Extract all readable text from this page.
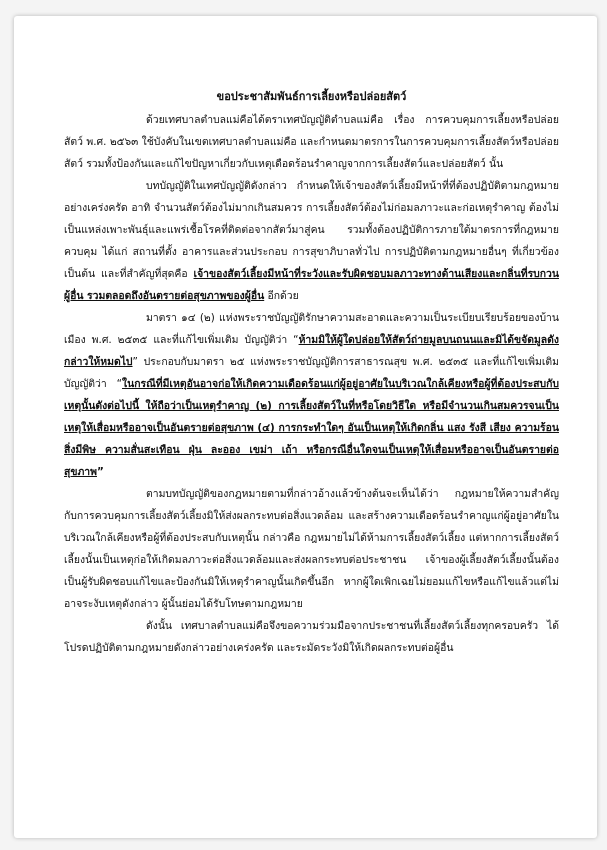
ขอประชาสัมพันธ์การเลี้ยงหรือปล่อยสัตว์

ด้วยเทศบาลตำบลแม่คือได้ตราเทศบัญญัติตำบลแม่คือ เรื่อง การควบคุมการเลี้ยงหรือปล่อยสัตว์ พ.ศ. ๒๕๖๓ ใช้บังคับในเขตเทศบาลตำบลแม่คือ และกำหนดมาตรการในการควบคุมการเลี้ยงสัตว์หรือปล่อยสัตว์ รวมทั้งป้องกันและแก้ไขปัญหาเกี่ยวกับเหตุเดือดร้อนรำคาญจากการเลี้ยงสัตว์และปล่อยสัตว์ นั้น

บทบัญญัติในเทศบัญญัติดังกล่าว กำหนดให้เจ้าของสัตว์เลี้ยงมีหน้าที่ที่ต้องปฏิบัติตามกฎหมายอย่างเคร่งครัด อาทิ จำนวนสัตว์ต้องไม่มากเกินสมควร การเลี้ยงสัตว์ต้องไม่ก่อมลภาวะและก่อเหตุรำคาญ ต้องไม่เป็นแหล่งเพาะพันธุ์และแพร่เชื้อโรคที่ติดต่อจากสัตว์มาสู่คน รวมทั้งต้องปฏิบัติการภายใต้มาตรการที่กฎหมายควบคุม ได้แก่ สถานที่ตั้ง อาคารและส่วนประกอบ การสุขาภิบาลทั่วไป การปฏิบัติตามกฎหมายอื่นๆ ที่เกี่ยวข้อง เป็นต้น และที่สำคัญที่สุดคือ เจ้าของสัตว์เลี้ยงมีหน้าที่ระวังและรับผิดชอบมลภาวะทางด้านเสียงและกลิ่นที่รบกวนผู้อื่น รวมตลอดถึงอันตรายต่อสุขภาพของผู้อื่น อีกด้วย

มาตรา ๑๔ (๒) แห่งพระราชบัญญัติรักษาความสะอาดและความเป็นระเบียบเรียบร้อยของบ้านเมือง พ.ศ. ๒๕๓๕ และที่แก้ไขเพิ่มเติม บัญญัติว่า “ห้ามมิให้ผู้ใดปล่อยให้สัตว์ถ่ายมูลบนถนนและมิได้ขจัดมูลดังกล่าวให้หมดไป” ประกอบกับมาตรา ๒๕ แห่งพระราชบัญญัติการสาธารณสุข พ.ศ. ๒๕๓๕ และที่แก้ไขเพิ่มเติม บัญญัติว่า “ในกรณีที่มีเหตุอันอาจก่อให้เกิดความเดือดร้อนแก่ผู้อยู่อาศัยในบริเวณใกล้เคียงหรือผู้ที่ต้องประสบกับเหตุนั้นดังต่อไปนี้ ให้ถือว่าเป็นเหตุรำคาญ (๒) การเลี้ยงสัตว์ในที่หรือโดยวิธีใด หรือมีจำนวนเกินสมควรจนเป็นเหตุให้เสื่อมหรืออาจเป็นอันตรายต่อสุขภาพ (๔) การกระทำใดๆ อันเป็นเหตุให้เกิดกลิ่น แสง รังสี เสียง ความร้อน สิ่งมีพิษ ความสั่นสะเทือน ฝุ่น ละออง เขม่า เถ้า หรือกรณีอื่นใดจนเป็นเหตุให้เสื่อมหรืออาจเป็นอันตรายต่อสุขภาพ”

ตามบทบัญญัติของกฎหมายตามที่กล่าวอ้างแล้วข้างต้นจะเห็นได้ว่า กฎหมายให้ความสำคัญกับการควบคุมการเลี้ยงสัตว์เลี้ยงมิให้ส่งผลกระทบต่อสิ่งแวดล้อม และสร้างความเดือดร้อนรำคาญแก่ผู้อยู่อาศัยในบริเวณใกล้เคียงหรือผู้ที่ต้องประสบกับเหตุนั้น กล่าวคือ กฎหมายไม่ได้ห้ามการเลี้ยงสัตว์เลี้ยง แต่หากการเลี้ยงสัตว์เลี้ยงนั้นเป็นเหตุก่อให้เกิดมลภาวะต่อสิ่งแวดล้อมและส่งผลกระทบต่อประชาชน เจ้าของผู้เลี้ยงสัตว์เลี้ยงนั้นต้องเป็นผู้รับผิดชอบแก้ไขและป้องกันมิให้เหตุรำคาญนั้นเกิดขึ้นอีก หากผู้ใดเพิกเฉยไม่ยอมแก้ไขหรือแก้ไขแล้วแต่ไม่อาจระงับเหตุดังกล่าว ผู้นั้นย่อมได้รับโทษตามกฎหมาย

ดังนั้น เทศบาลตำบลแม่คือจึงขอความร่วมมือจากประชาชนที่เลี้ยงสัตว์เลี้ยงทุกครอบครัว ได้โปรดปฏิบัติตามกฎหมายดังกล่าวอย่างเคร่งครัด และระมัดระวังมิให้เกิดผลกระทบต่อผู้อื่น
